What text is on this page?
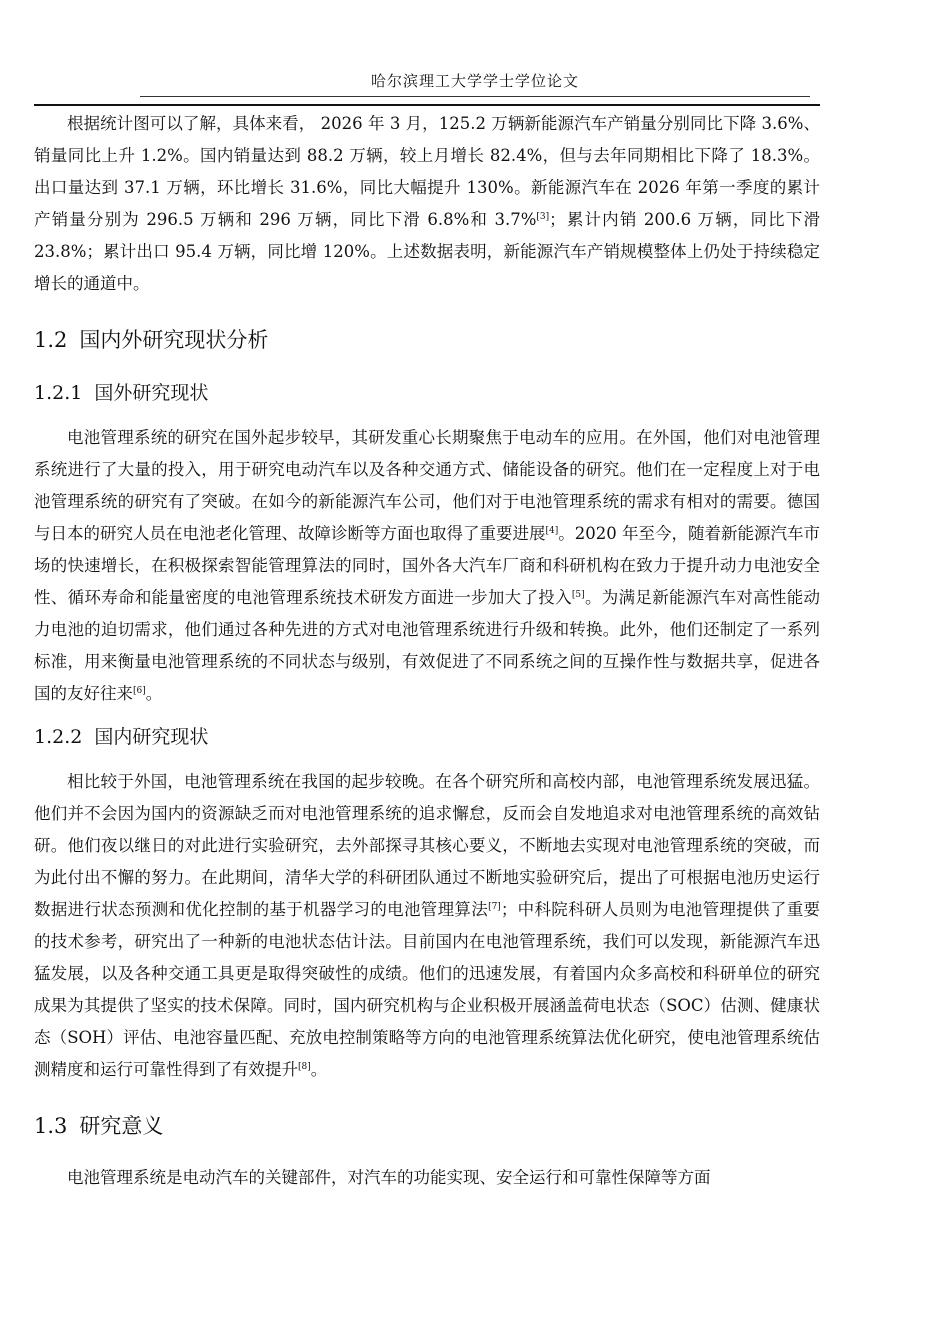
哈尔滨理工大学学士学位论文

根据统计图可以了解，具体来看， 2026 年 3 月，125.2 万辆新能源汽车产销量分别同比下降 3.6%、销量同比上升 1.2%。国内销量达到 88.2 万辆，较上月增长 82.4%，但与去年同期相比下降了 18.3%。出口量达到 37.1 万辆，环比增长 31.6%，同比大幅提升 130%。新能源汽车在 2026 年第一季度的累计产销量分别为 296.5 万辆和 296 万辆，同比下滑 6.8%和 3.7%[3]；累计内销 200.6 万辆，同比下滑 23.8%；累计出口 95.4 万辆，同比增 120%。上述数据表明，新能源汽车产销规模整体上仍处于持续稳定增长的通道中。

1.2 国内外研究现状分析
1.2.1 国外研究现状

电池管理系统的研究在国外起步较早，其研发重心长期聚焦于电动车的应用。在外国，他们对电池管理系统进行了大量的投入，用于研究电动汽车以及各种交通方式、储能设备的研究。他们在一定程度上对于电池管理系统的研究有了突破。在如今的新能源汽车公司，他们对于电池管理系统的需求有相对的需要。德国与日本的研究人员在电池老化管理、故障诊断等方面也取得了重要进展[4]。2020 年至今，随着新能源汽车市场的快速增长，在积极探索智能管理算法的同时，国外各大汽车厂商和科研机构在致力于提升动力电池安全性、循环寿命和能量密度的电池管理系统技术研发方面进一步加大了投入[5]。为满足新能源汽车对高性能动力电池的迫切需求，他们通过各种先进的方式对电池管理系统进行升级和转换。此外，他们还制定了一系列标准，用来衡量电池管理系统的不同状态与级别，有效促进了不同系统之间的互操作性与数据共享，促进各国的友好往来[6]。

1.2.2 国内研究现状

相比较于外国，电池管理系统在我国的起步较晚。在各个研究所和高校内部，电池管理系统发展迅猛。他们并不会因为国内的资源缺乏而对电池管理系统的追求懈怠，反而会自发地追求对电池管理系统的高效钻研。他们夜以继日的对此进行实验研究，去外部探寻其核心要义，不断地去实现对电池管理系统的突破，而为此付出不懈的努力。在此期间，清华大学的科研团队通过不断地实验研究后，提出了可根据电池历史运行数据进行状态预测和优化控制的基于机器学习的电池管理算法[7]；中科院科研人员则为电池管理提供了重要的技术参考，研究出了一种新的电池状态估计法。目前国内在电池管理系统，我们可以发现，新能源汽车迅猛发展，以及各种交通工具更是取得突破性的成绩。他们的迅速发展，有着国内众多高校和科研单位的研究成果为其提供了坚实的技术保障。同时，国内研究机构与企业积极开展涵盖荷电状态（SOC）估测、健康状态（SOH）评估、电池容量匹配、充放电控制策略等方向的电池管理系统算法优化研究，使电池管理系统估测精度和运行可靠性得到了有效提升[8]。

1.3 研究意义

电池管理系统是电动汽车的关键部件，对汽车的功能实现、安全运行和可靠性保障等方面
